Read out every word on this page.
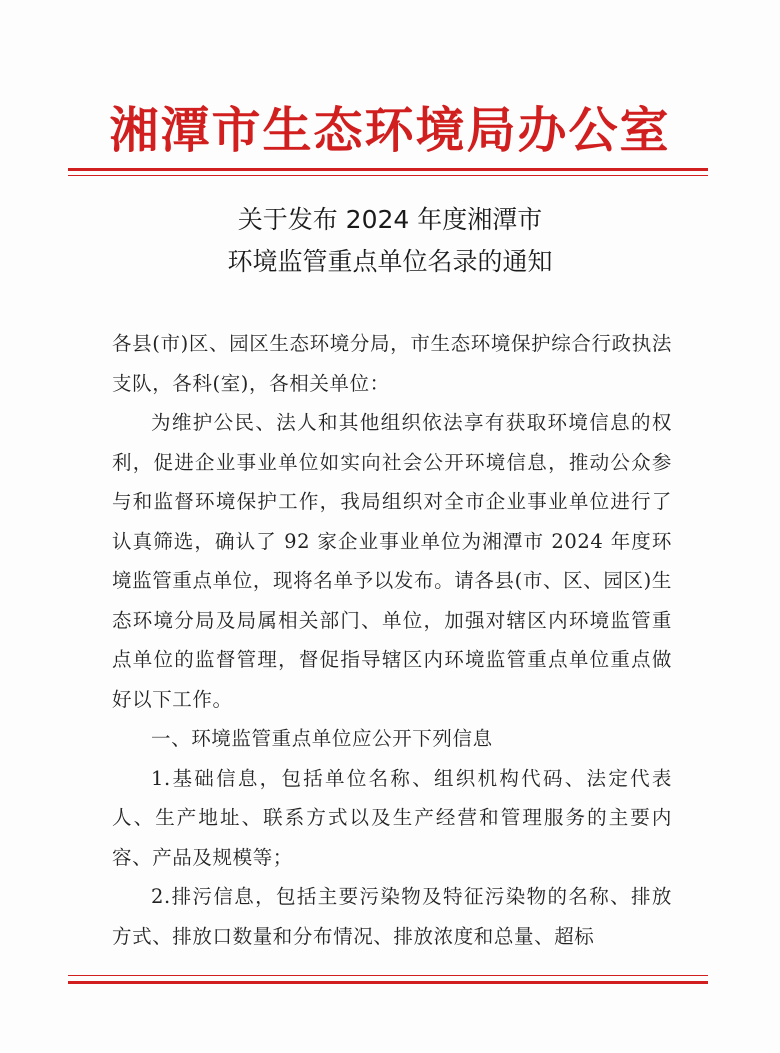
湘潭市生态环境局办公室
关于发布 2024 年度湘潭市
环境监管重点单位名录的通知

各县(市)区、园区生态环境分局，市生态环境保护综合行政执法支队，各科(室)，各相关单位：

为维护公民、法人和其他组织依法享有获取环境信息的权利，促进企业事业单位如实向社会公开环境信息，推动公众参与和监督环境保护工作，我局组织对全市企业事业单位进行了认真筛选，确认了 92 家企业事业单位为湘潭市 2024 年度环境监管重点单位，现将名单予以发布。请各县(市、区、园区)生态环境分局及局属相关部门、单位，加强对辖区内环境监管重点单位的监督管理，督促指导辖区内环境监管重点单位重点做好以下工作。

一、环境监管重点单位应公开下列信息

1.基础信息，包括单位名称、组织机构代码、法定代表人、生产地址、联系方式以及生产经营和管理服务的主要内容、产品及规模等；

2.排污信息，包括主要污染物及特征污染物的名称、排放方式、排放口数量和分布情况、排放浓度和总量、超标
